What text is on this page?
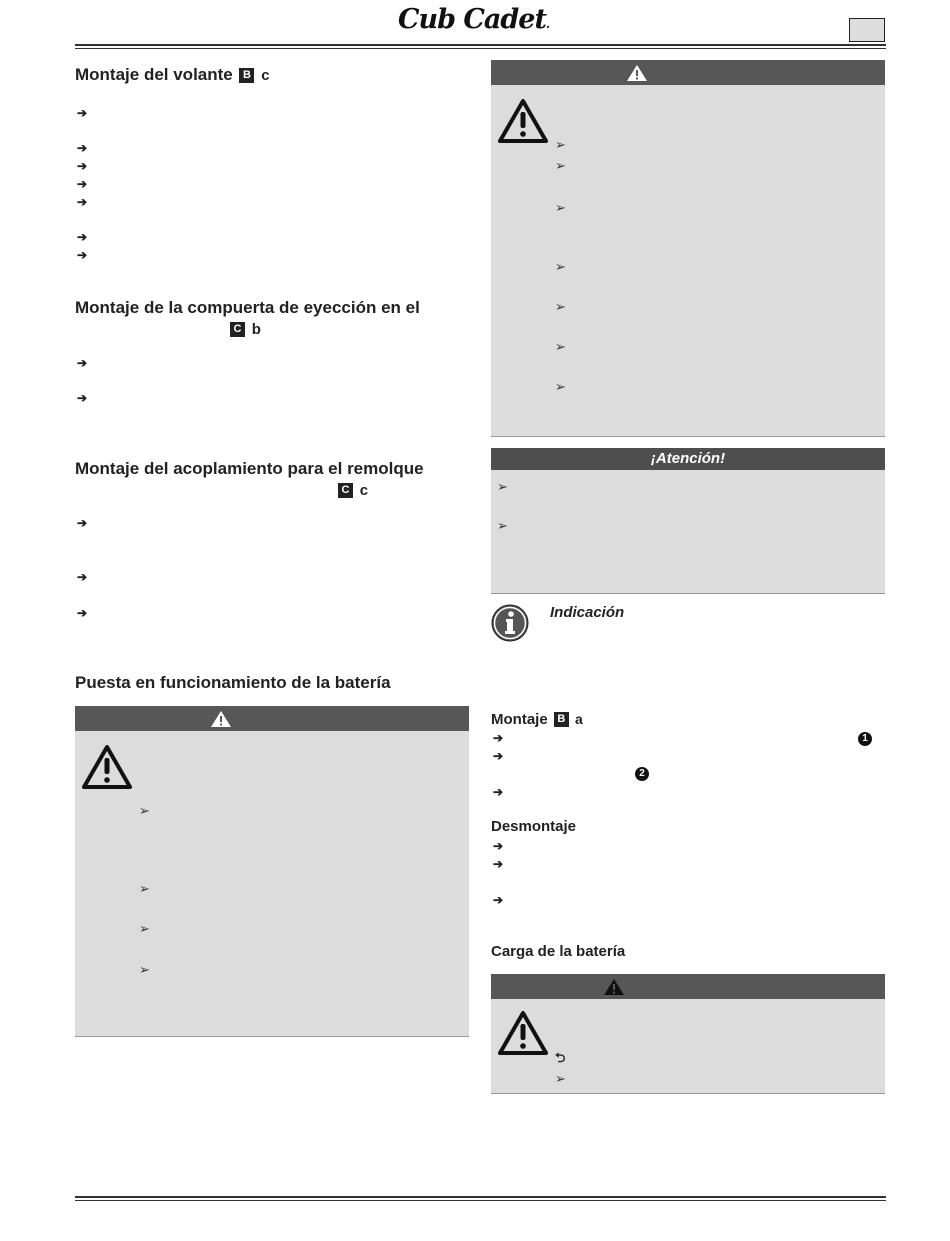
Cub Cadet.
Montaje del volante B c
➔
➔
➔
➔
➔
➔
➔
Montaje de la compuerta de eyección en el
C b
➔
➔
Montaje del acoplamiento para el remolque
C c
➔
➔
➔
Puesta en funcionamiento de la batería
➢
➢
➢
➢
➢
➢
➢
➢
➢
➢
➢
¡Atención!
➢
➢
Indicación
Montaje B a
➔	1
➔
2
➔
Desmontaje
➔
➔
➔
Carga de la batería
⮌
➢
